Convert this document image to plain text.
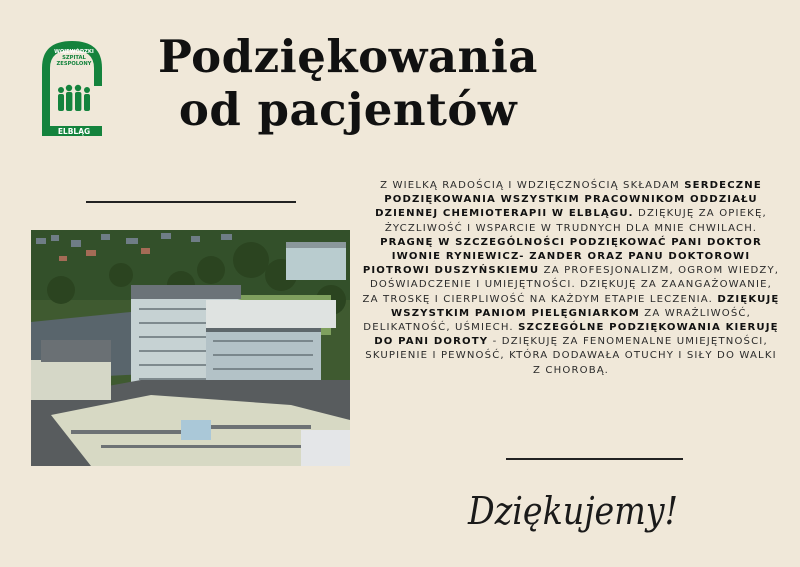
WOJEWÓDZKI
SZPITAL
ZESPOLONY
ELBLĄG
Podziękowania
od pacjentów
Z WIELKĄ RADOŚCIĄ I WDZIĘCZNOŚCIĄ SKŁADAM SERDECZNE PODZIĘKOWANIA WSZYSTKIM PRACOWNIKOM ODDZIAŁU DZIENNEJ CHEMIOTERAPII W ELBLĄGU. DZIĘKUJĘ ZA OPIEKĘ, ŻYCZLIWOŚĆ I WSPARCIE W TRUDNYCH DLA MNIE CHWILACH. PRAGNĘ W SZCZEGÓLNOŚCI PODZIĘKOWAĆ PANI DOKTOR IWONIE RYNIEWICZ- ZANDER ORAZ PANU DOKTOROWI PIOTROWI DUSZYŃSKIEMU ZA PROFESJONALIZM, OGROM WIEDZY, DOŚWIADCZENIE I UMIEJĘTNOŚCI. DZIĘKUJĘ ZA ZAANGAŻOWANIE, ZA TROSKĘ I CIERPLIWOŚĆ NA KAŻDYM ETAPIE LECZENIA. DZIĘKUJĘ WSZYSTKIM PANIOM PIELĘGNIARKOM ZA WRAŻLIWOŚĆ, DELIKATNOŚĆ, UŚMIECH. SZCZEGÓLNE PODZIĘKOWANIA KIERUJĘ DO PANI DOROTY - DZIĘKUJĘ ZA FENOMENALNE UMIEJĘTNOŚCI, SKUPIENIE I PEWNOŚĆ, KTÓRA DODAWAŁA OTUCHY I SIŁY DO WALKI Z CHOROBĄ.
Dziękujemy!
